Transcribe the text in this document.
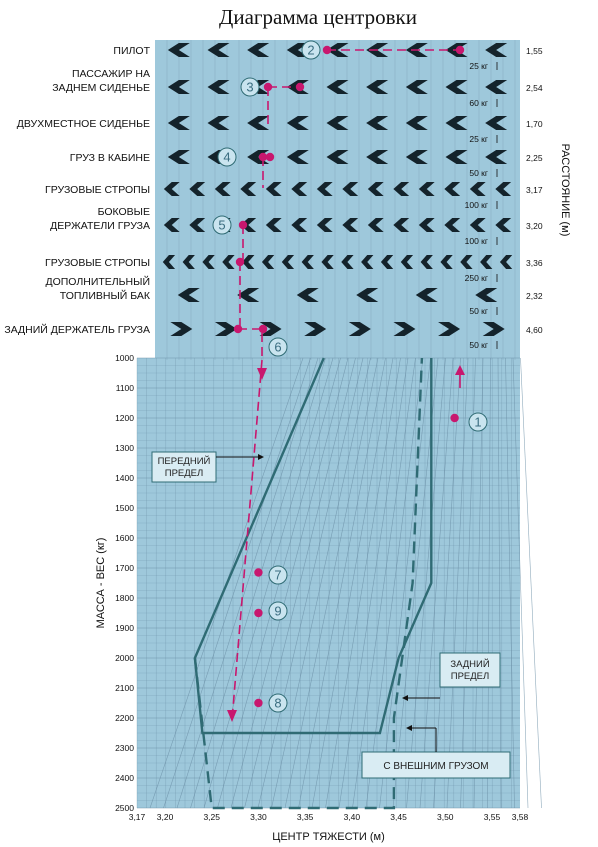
Диаграмма центровки
ПИЛОТ	1,55
25 кг
ПАССАЖИР НА ЗАДНЕМ СИДЕНЬЕ	2,54
60 кг
ДВУХМЕСТНОЕ СИДЕНЬЕ	1,70
25 кг
ГРУЗ В КАБИНЕ	2,25
50 кг
ГРУЗОВЫЕ СТРОПЫ	3,17
100 кг
БОКОВЫЕ ДЕРЖАТЕЛИ ГРУЗА	3,20
100 кг
ГРУЗОВЫЕ СТРОПЫ	3,36
250 кг
ДОПОЛНИТЕЛЬНЫЙ ТОПЛИВНЫЙ БАК	2,32
50 кг
ЗАДНИЙ ДЕРЖАТЕЛЬ ГРУЗА	4,60
50 кг
РАССТОЯНИЕ (м)
1000
1100
1200
1300
1400
1500
1600
1700
1800
1900
2000
2100
2200
2300
2400
2500
3,17 3,20	3,25	3,30	3,35	3,40	3,45	3,50	3,55 3,58
ЦЕНТР ТЯЖЕСТИ (м)
МАССА - ВЕС (кг)
1
2
3
4
5
6
7
8
9
ПЕРЕДНИЙ ПРЕДЕЛ
ЗАДНИЙ ПРЕДЕЛ
С ВНЕШНИМ ГРУЗОМ
